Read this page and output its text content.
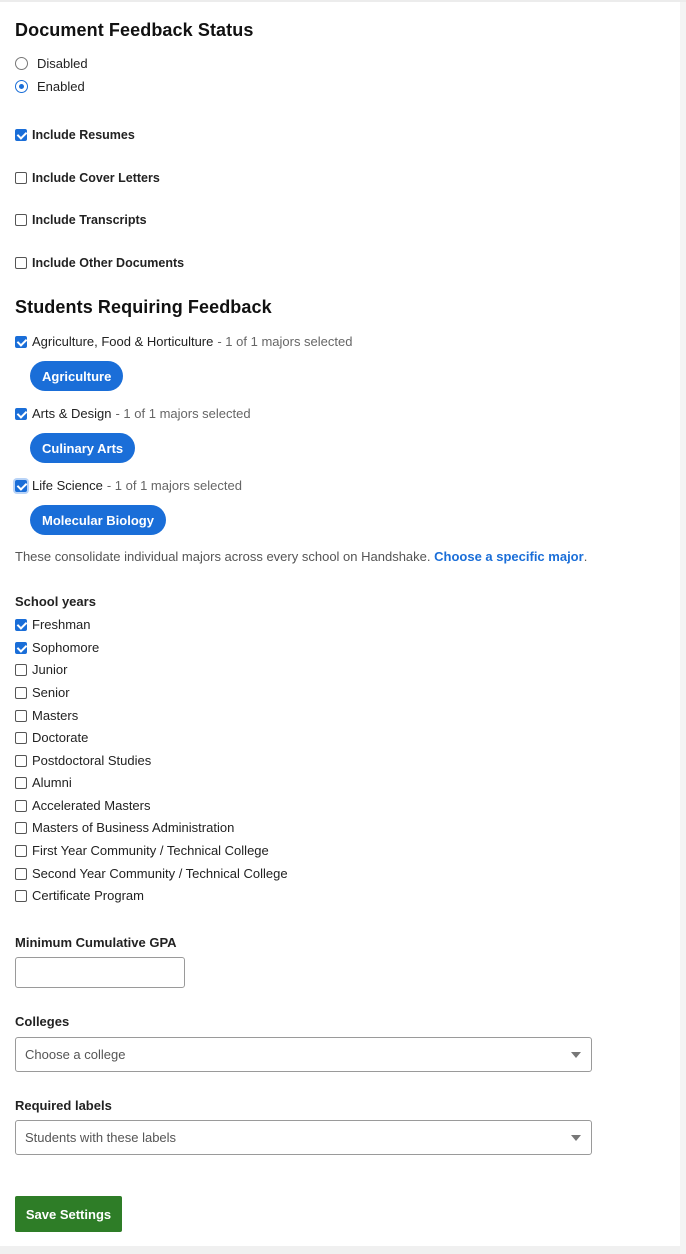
Document Feedback Status
Disabled
Enabled
Include Resumes
Include Cover Letters
Include Transcripts
Include Other Documents
Students Requiring Feedback
Agriculture, Food & Horticulture - 1 of 1 majors selected
Agriculture
Arts & Design - 1 of 1 majors selected
Culinary Arts
Life Science - 1 of 1 majors selected
Molecular Biology
These consolidate individual majors across every school on Handshake. Choose a specific major.
School years
Freshman
Sophomore
Junior
Senior
Masters
Doctorate
Postdoctoral Studies
Alumni
Accelerated Masters
Masters of Business Administration
First Year Community / Technical College
Second Year Community / Technical College
Certificate Program
Minimum Cumulative GPA
Colleges
Choose a college
Required labels
Students with these labels
Save Settings
